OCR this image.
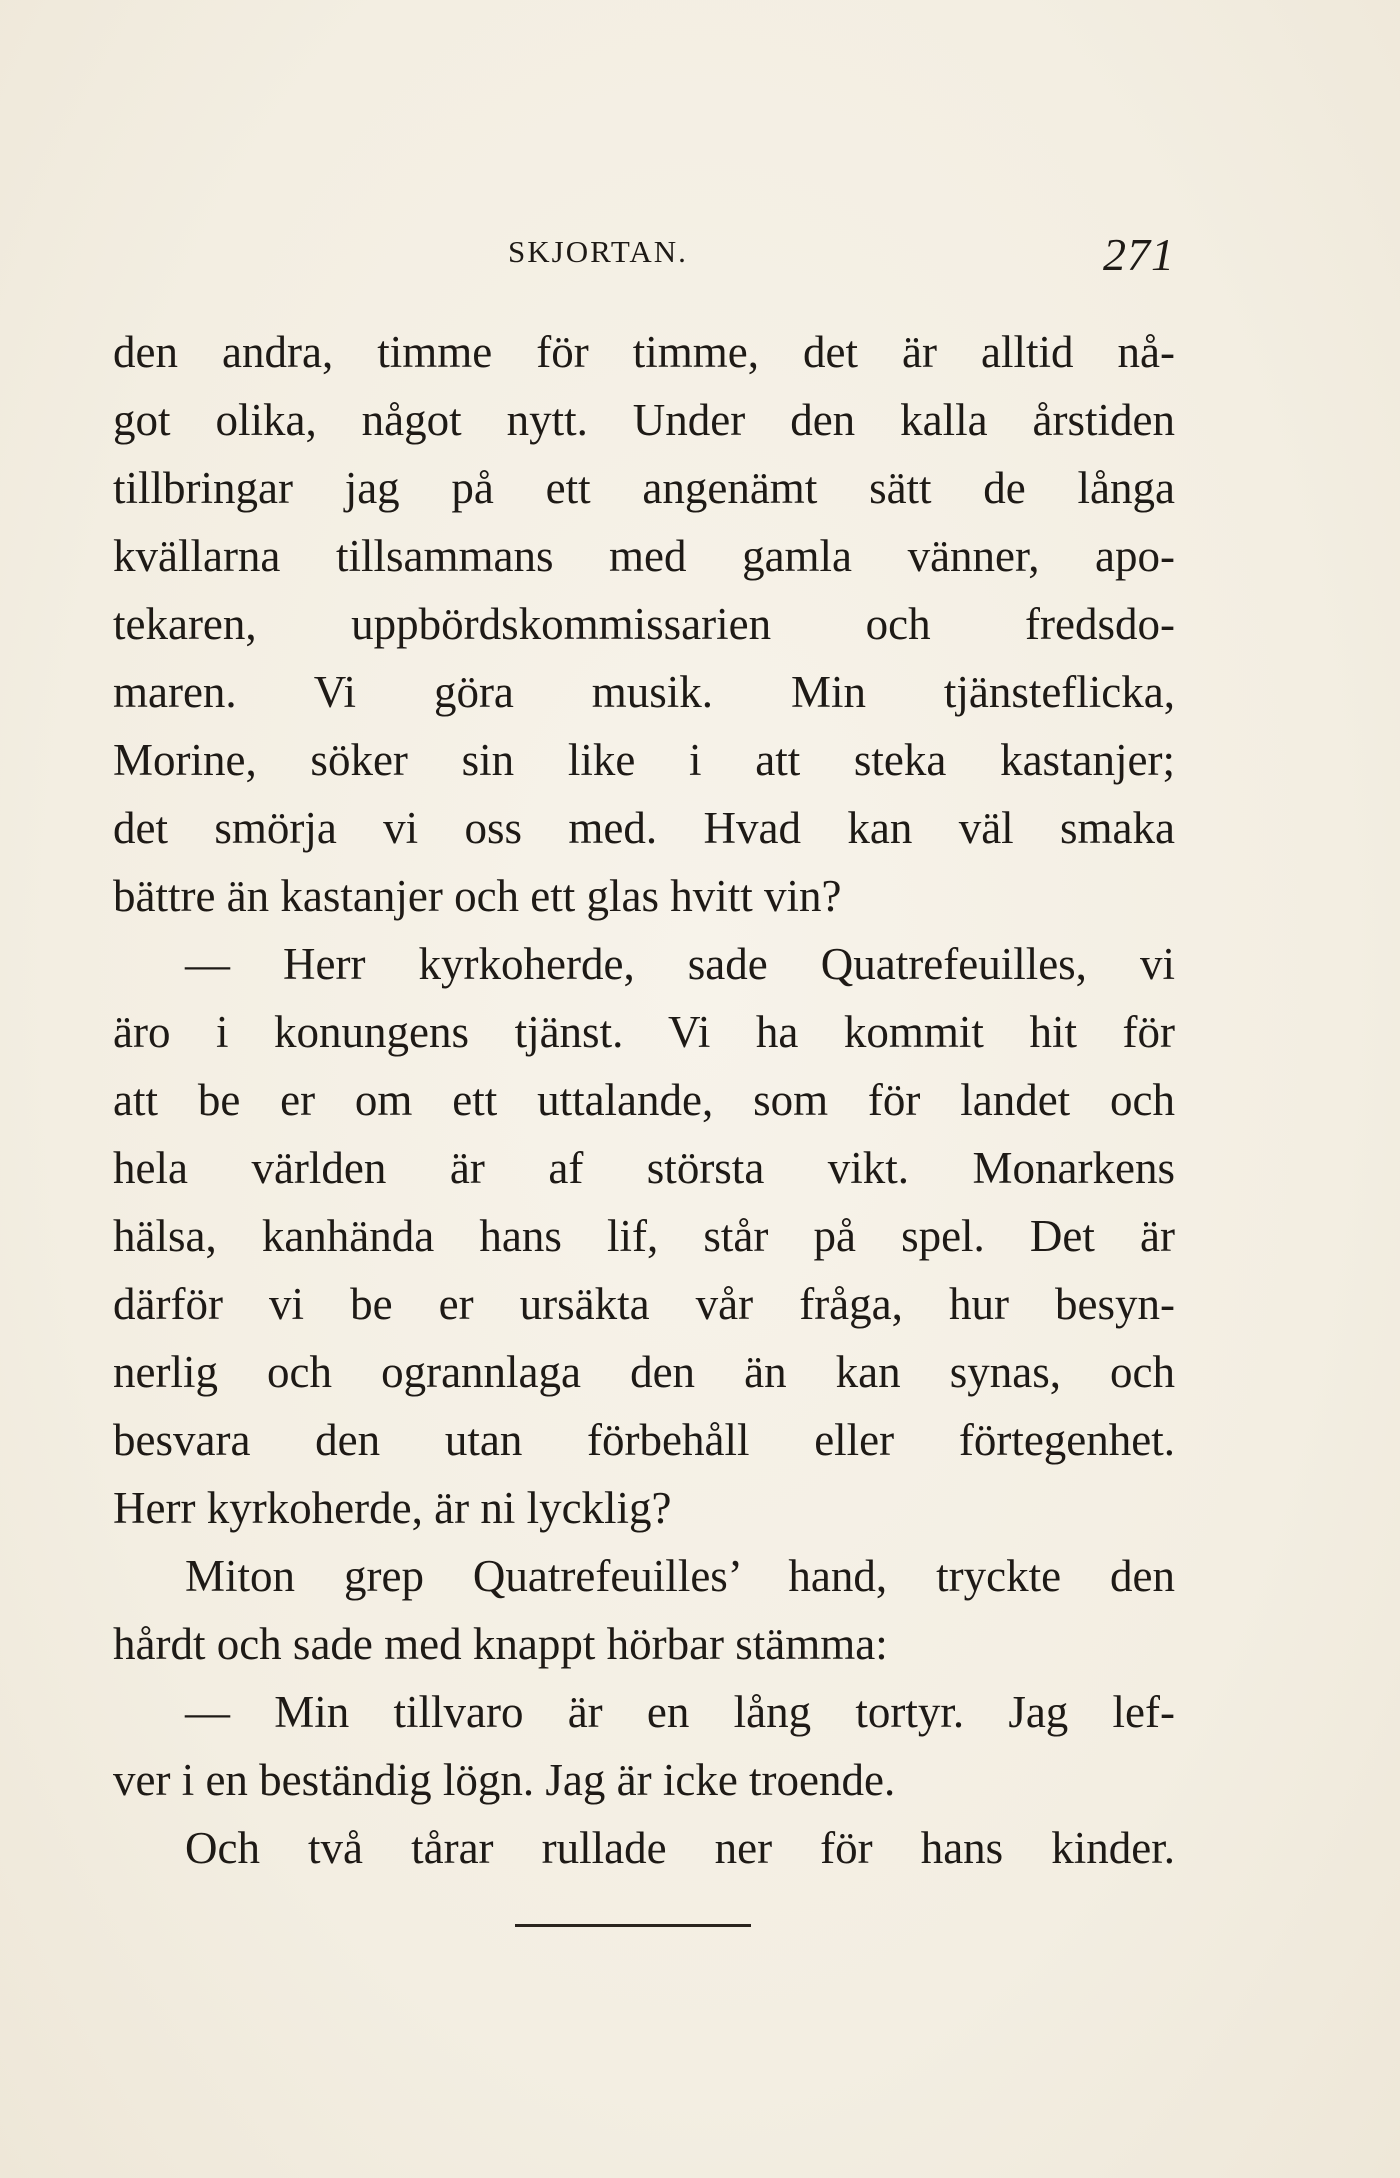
SKJORTAN.	271
den andra, timme för timme, det är alltid nå-
got olika, något nytt. Under den kalla årstiden
tillbringar jag på ett angenämt sätt de långa
kvällarna tillsammans med gamla vänner, apo-
tekaren, uppbördskommissarien och fredsdo-
maren. Vi göra musik. Min tjänsteflicka,
Morine, söker sin like i att steka kastanjer;
det smörja vi oss med. Hvad kan väl smaka
bättre än kastanjer och ett glas hvitt vin?
— Herr kyrkoherde, sade Quatrefeuilles, vi
äro i konungens tjänst. Vi ha kommit hit för
att be er om ett uttalande, som för landet och
hela världen är af största vikt. Monarkens
hälsa, kanhända hans lif, står på spel. Det är
därför vi be er ursäkta vår fråga, hur besyn-
nerlig och ogrannlaga den än kan synas, och
besvara den utan förbehåll eller förtegenhet.
Herr kyrkoherde, är ni lycklig?
Miton grep Quatrefeuilles’ hand, tryckte den
hårdt och sade med knappt hörbar stämma:
— Min tillvaro är en lång tortyr. Jag lef-
ver i en beständig lögn. Jag är icke troende.
Och två tårar rullade ner för hans kinder.
